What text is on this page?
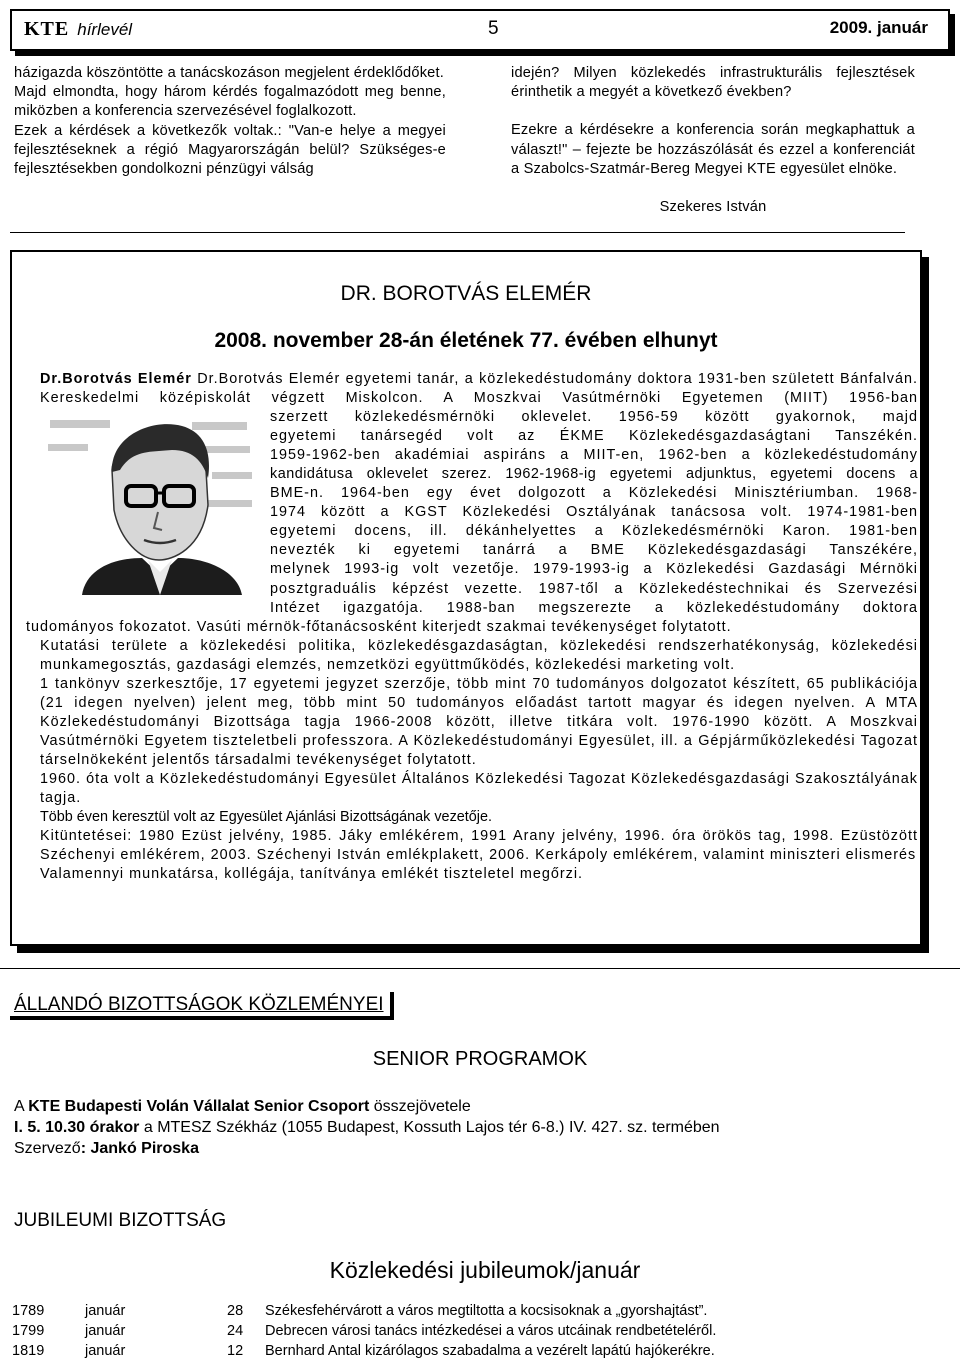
KTE hírlevél	5	2009. január

házigazda köszöntötte a tanácskozáson megjelent érdeklődőket.

Majd elmondta, hogy három kérdés fogalmazódott meg benne, miközben a konferencia szervezésével foglalkozott.

Ezek a kérdések a következők voltak.: "Van-e helye a megyei fejlesztéseknek a régió Magyarországán belül? Szükséges-e fejlesztésekben gondolkozni pénzügyi válság

idején? Milyen közlekedés infrastrukturális fejlesztések érinthetik a megyét a következő években?

Ezekre a kérdésekre a konferencia során megkaphattuk a választ!" – fejezte be hozzászólását és ezzel a konferenciát a Szabolcs-Szatmár-Bereg Megyei KTE egyesület elnöke.

Szekeres István

DR. BOROTVÁS ELEMÉR
2008. november 28-án életének 77. évében elhunyt

Dr.Borotvás Elemér Dr.Borotvás Elemér egyetemi tanár, a közlekedéstudomány doktora 1931-ben született Bánfalván.

Kereskedelmi középiskolát végzett Miskolcon. A Moszkvai Vasútmérnöki Egyetemen (MIIT) 1956-ban

szerzett közlekedésmérnöki oklevelet. 1956-59 között gyakornok, majd

egyetemi tanársegéd volt az ÉKME Közlekedésgazdaságtani Tanszékén.

1959-1962-ben akadémiai aspiráns a MIIT-en, 1962-ben a közlekedéstudomány

kandidátusa oklevelet szerez. 1962-1968-ig egyetemi adjunktus, egyetemi docens a

BME-n. 1964-ben egy évet dolgozott a Közlekedési Minisztériumban. 1968-

1974 között a KGST Közlekedési Osztályának tanácsosa volt. 1974-1981-ben

egyetemi docens, ill. dékánhelyettes a Közlekedésmérnöki Karon. 1981-ben

nevezték ki egyetemi tanárrá a BME Közlekedésgazdasági Tanszékére,

melynek 1993-ig volt vezetője. 1979-1993-ig a Közlekedési Gazdasági Mérnöki

posztgraduális képzést vezette. 1987-től a Közlekedéstechnikai és Szervezési

Intézet igazgatója. 1988-ban megszerezte a közlekedéstudomány doktora

tudományos fokozatot. Vasúti mérnök-főtanácsosként kiterjedt szakmai tevékenységet folytatott.

Kutatási területe a közlekedési politika, közlekedésgazdaságtan, közlekedési rendszerhatékonyság, közlekedési munkamegosztás, gazdasági elemzés, nemzetközi együttműködés, közlekedési marketing volt.

1 tankönyv szerkesztője, 17 egyetemi jegyzet szerzője, több mint 70 tudományos dolgozatot készített, 65 publikációja (21 idegen nyelven) jelent meg, több mint 50 tudományos előadást tartott magyar és idegen nyelven. A MTA Közlekedéstudományi Bizottsága tagja 1966-2008 között, illetve titkára volt. 1976-1990 között. A Moszkvai Vasútmérnöki Egyetem tiszteletbeli professzora. A Közlekedéstudományi Egyesület, ill. a Gépjárműközlekedési Tagozat társelnökeként jelentős társadalmi tevékenységet folytatott.

1960. óta volt a Közlekedéstudományi Egyesület Általános Közlekedési Tagozat Közlekedésgazdasági Szakosztályának tagja.

Több éven keresztül volt az Egyesület Ajánlási Bizottságának vezetője.

Kitüntetései: 1980 Ezüst jelvény, 1985. Jáky emlékérem, 1991 Arany jelvény, 1996. óra örökös tag, 1998. Ezüstözött Széchenyi emlékérem, 2003. Széchenyi István emlékplakett, 2006. Kerkápoly emlékérem, valamint miniszteri elismerés

Valamennyi munkatársa, kollégája, tanítványa emlékét tiszteletel megőrzi.

ÁLLANDÓ BIZOTTSÁGOK KÖZLEMÉNYEI
SENIOR PROGRAMOK
A KTE Budapesti Volán Vállalat Senior Csoport összejövetele
I. 5. 10.30 órakor a MTESZ Székház (1055 Budapest, Kossuth Lajos tér 6-8.) IV. 427. sz. termében
Szervező: Jankó Piroska
JUBILEUMI BIZOTTSÁG
Közlekedési jubileumok/január
1789	január	28	Székesfehérvárott a város megtiltotta a kocsisoknak a „gyorshajtást”.
1799	január	24	Debrecen városi tanács intézkedései a város utcáinak rendbetételéről.
1819	január	12	Bernhard Antal kizárólagos szabadalma a vezérelt lapátú hajókerékre.
